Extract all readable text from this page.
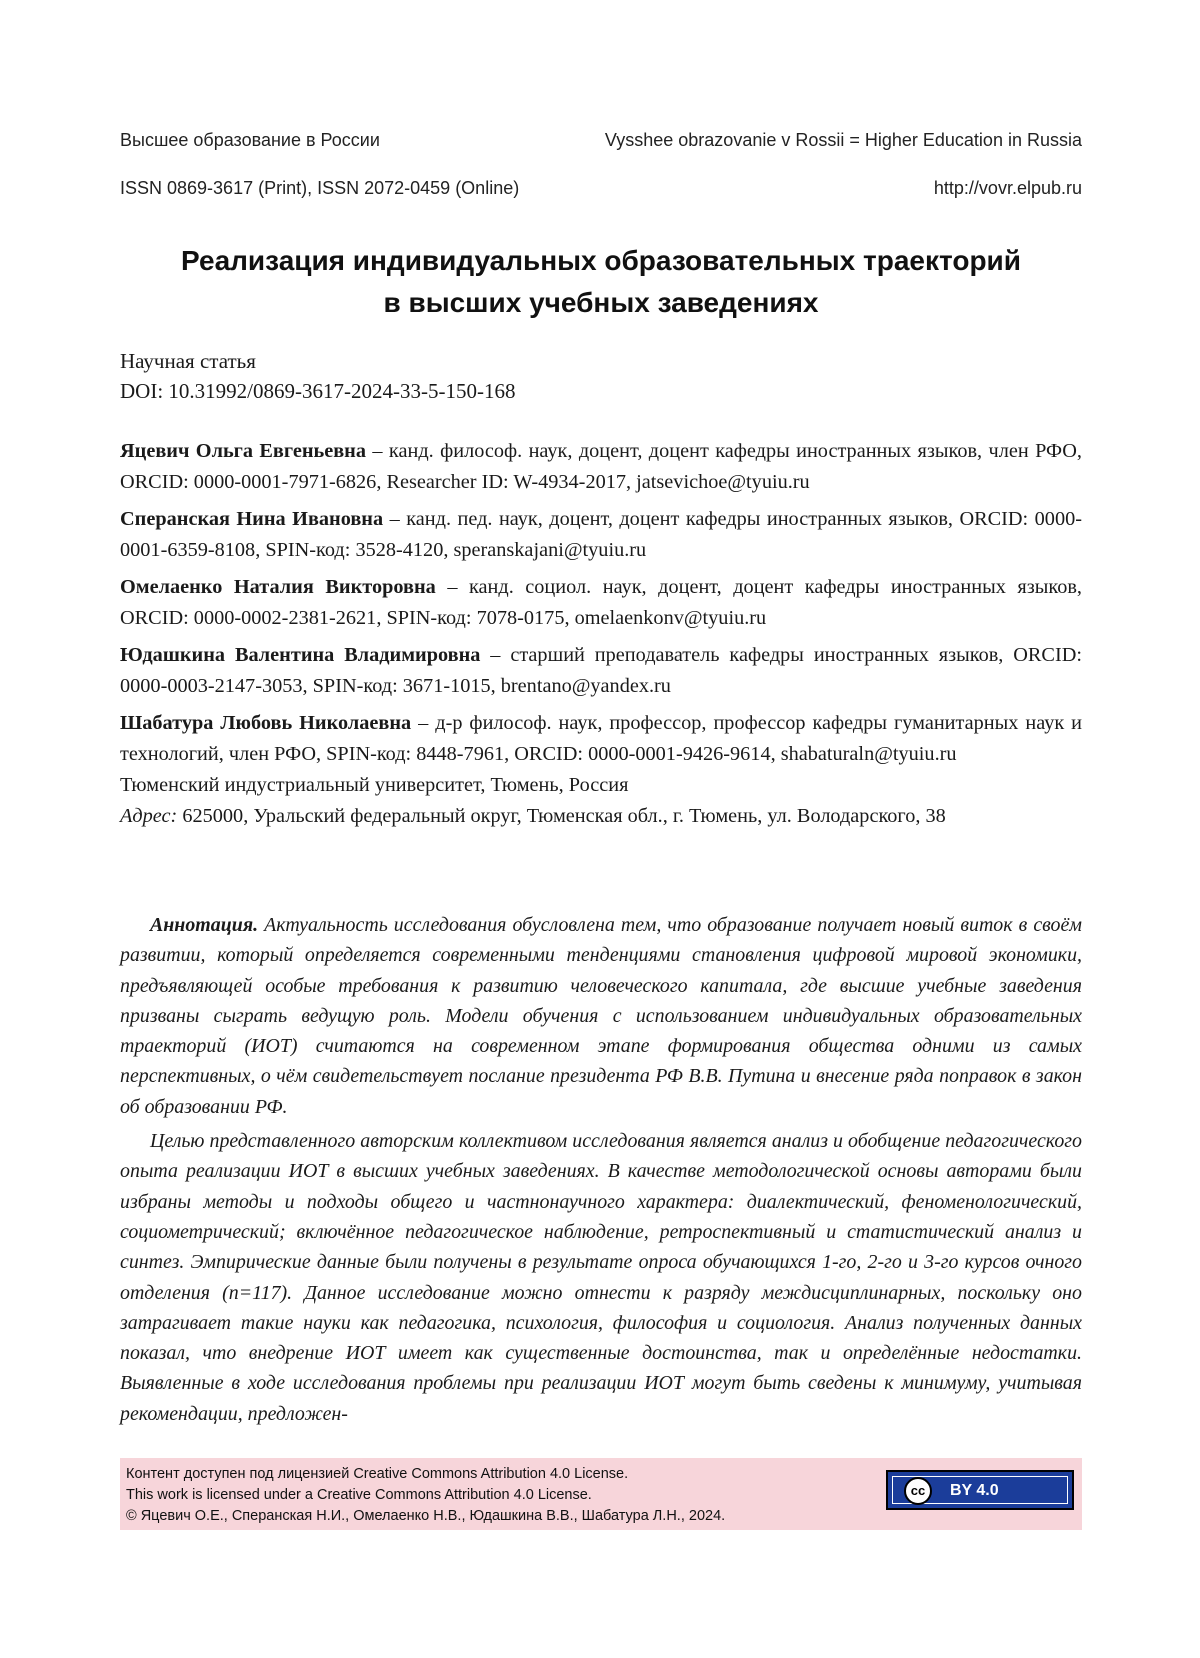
Высшее образование в России	Vysshee obrazovanie v Rossii = Higher Education in Russia
ISSN 0869-3617 (Print), ISSN 2072-0459 (Online)	http://vovr.elpub.ru
Реализация индивидуальных образовательных траекторий
в высших учебных заведениях
Научная статья
DOI: 10.31992/0869-3617-2024-33-5-150-168
Яцевич Ольга Евгеньевна – канд. философ. наук, доцент, доцент кафедры иностранных языков, член РФО, ORCID: 0000-0001-7971-6826, Researcher ID: W-4934-2017, jatsevichoe@tyuiu.ru
Сперанская Нина Ивановна – канд. пед. наук, доцент, доцент кафедры иностранных языков, ORCID: 0000-0001-6359-8108, SPIN-код: 3528-4120, speranskajani@tyuiu.ru
Омелаенко Наталия Викторовна – канд. социол. наук, доцент, доцент кафедры иностранных языков, ORCID: 0000-0002-2381-2621, SPIN-код: 7078-0175, omelaenkonv@tyuiu.ru
Юдашкина Валентина Владимировна – старший преподаватель кафедры иностранных языков, ORCID: 0000-0003-2147-3053, SPIN-код: 3671-1015, brentano@yandex.ru
Шабатура Любовь Николаевна – д-р философ. наук, профессор, профессор кафедры гуманитарных наук и технологий, член РФО, SPIN-код: 8448-7961, ORCID: 0000-0001-9426-9614, shabaturaln@tyuiu.ru
Тюменский индустриальный университет, Тюмень, Россия
Адрес: 625000, Уральский федеральный округ, Тюменская обл., г. Тюмень, ул. Володарского, 38

Аннотация. Актуальность исследования обусловлена тем, что образование получает новый виток в своём развитии, который определяется современными тенденциями становления цифровой мировой экономики, предъявляющей особые требования к развитию человеческого капитала, где высшие учебные заведения призваны сыграть ведущую роль. Модели обучения с использованием индивидуальных образовательных траекторий (ИОТ) считаются на современном этапе формирования общества одними из самых перспективных, о чём свидетельствует послание президента РФ В.В. Путина и внесение ряда поправок в закон об образовании РФ.

Целью представленного авторским коллективом исследования является анализ и обобщение педагогического опыта реализации ИОТ в высших учебных заведениях. В качестве методологической основы авторами были избраны методы и подходы общего и частнонаучного характера: диалектический, феноменологический, социометрический; включённое педагогическое наблюдение, ретроспективный и статистический анализ и синтез. Эмпирические данные были получены в результате опроса обучающихся 1-го, 2-го и 3-го курсов очного отделения (n=117). Данное исследование можно отнести к разряду междисциплинарных, поскольку оно затрагивает такие науки как педагогика, психология, философия и социология. Анализ полученных данных показал, что внедрение ИОТ имеет как существенные достоинства, так и определённые недостатки. Выявленные в ходе исследования проблемы при реализации ИОТ могут быть сведены к минимуму, учитывая рекомендации, предложен-

Контент доступен под лицензией Creative Commons Attribution 4.0 License.
This work is licensed under a Creative Commons Attribution 4.0 License.
© Яцевич О.Е., Сперанская Н.И., Омелаенко Н.В., Юдашкина В.В., Шабатура Л.Н., 2024.
cc	BY 4.0
